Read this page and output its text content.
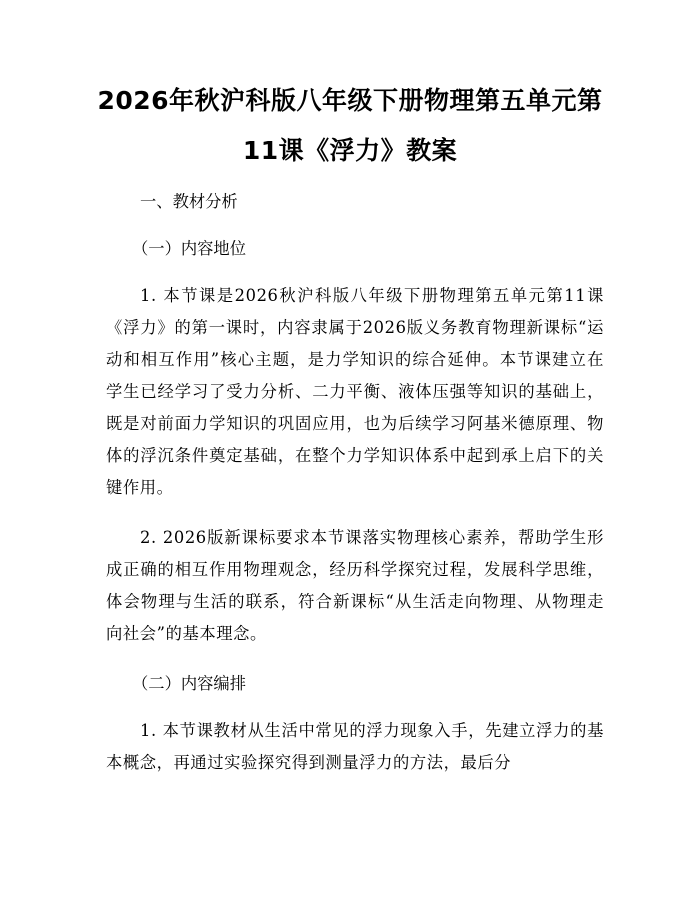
2026年秋沪科版八年级下册物理第五单元第
11课《浮力》教案

一、教材分析

（一）内容地位

1. 本节课是2026秋沪科版八年级下册物理第五单元第11课《浮力》的第一课时，内容隶属于2026版义务教育物理新课标“运动和相互作用”核心主题，是力学知识的综合延伸。本节课建立在学生已经学习了受力分析、二力平衡、液体压强等知识的基础上，既是对前面力学知识的巩固应用，也为后续学习阿基米德原理、物体的浮沉条件奠定基础，在整个力学知识体系中起到承上启下的关键作用。

2. 2026版新课标要求本节课落实物理核心素养，帮助学生形成正确的相互作用物理观念，经历科学探究过程，发展科学思维，体会物理与生活的联系，符合新课标“从生活走向物理、从物理走向社会”的基本理念。

（二）内容编排

1. 本节课教材从生活中常见的浮力现象入手，先建立浮力的基本概念，再通过实验探究得到测量浮力的方法，最后分
